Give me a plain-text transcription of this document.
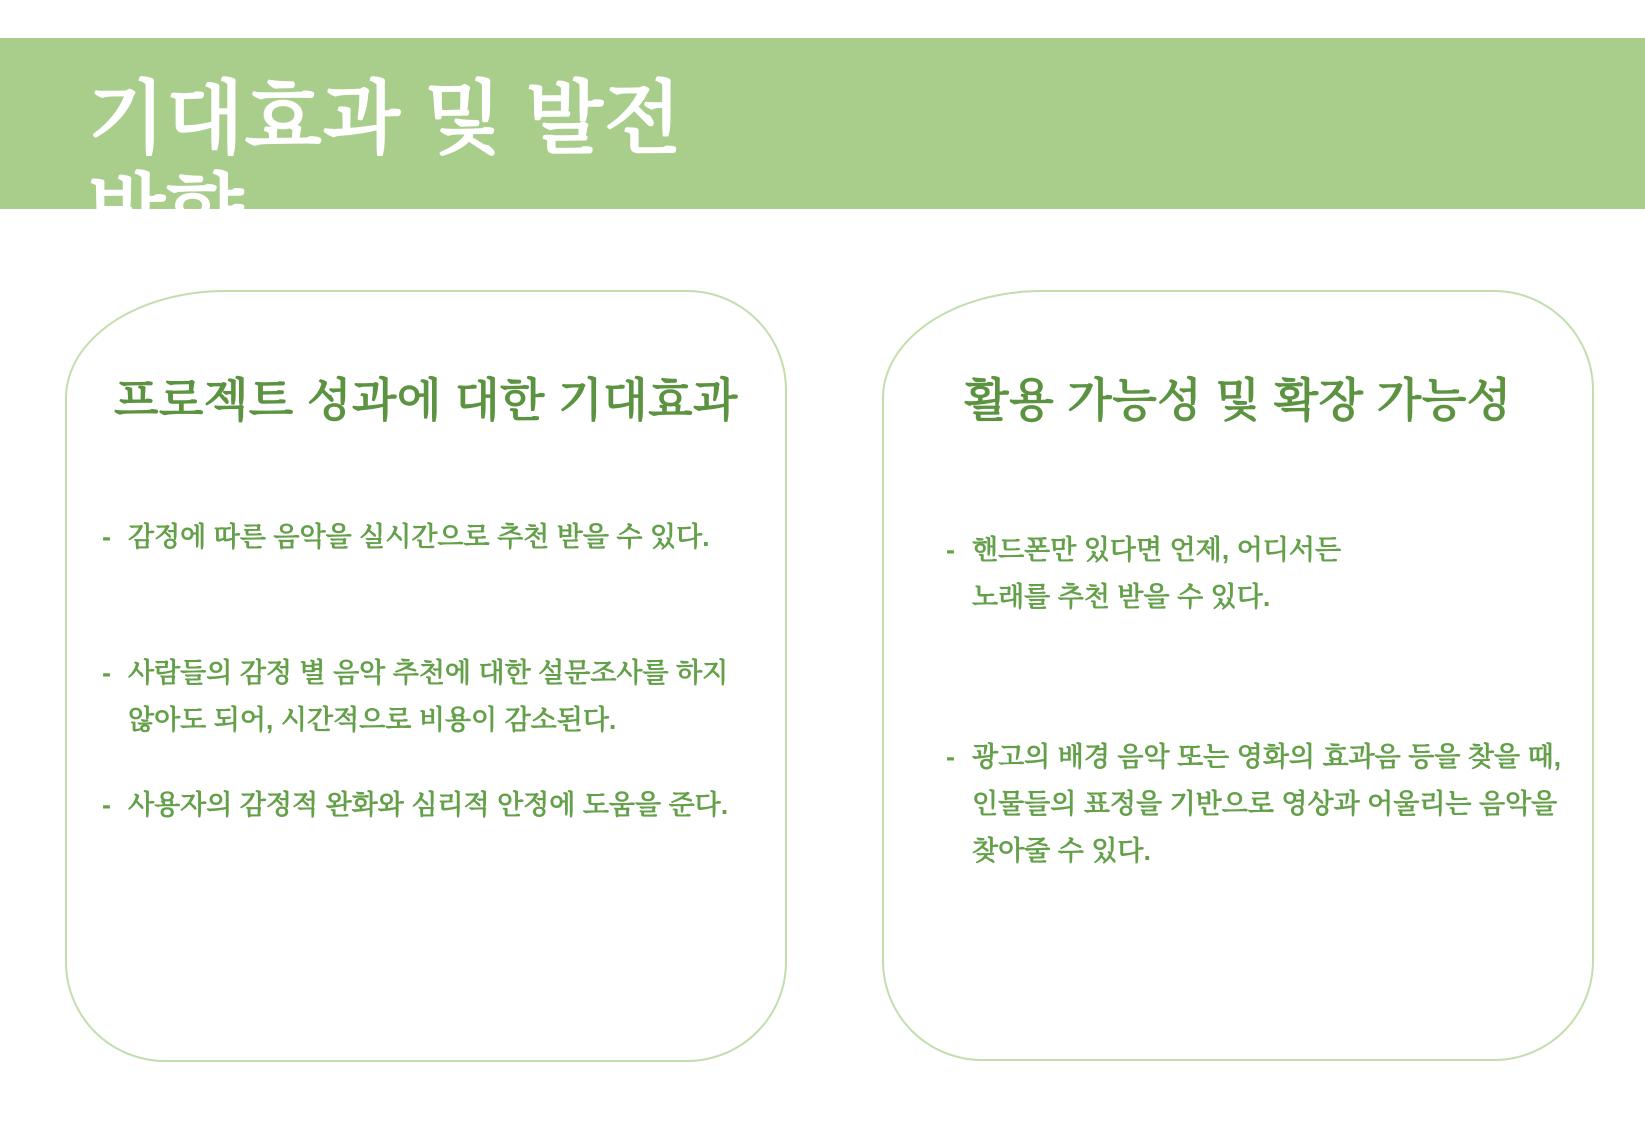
기대효과 및 발전
방향
프로젝트 성과에 대한 기대효과
- 감정에 따른 음악을 실시간으로 추천 받을 수 있다.
- 사람들의 감정 별 음악 추천에 대한 설문조사를 하지
않아도 되어, 시간적으로 비용이 감소된다.
- 사용자의 감정적 완화와 심리적 안정에 도움을 준다.
활용 가능성 및 확장 가능성
- 핸드폰만 있다면 언제, 어디서든
노래를 추천 받을 수 있다.
- 광고의 배경 음악 또는 영화의 효과음 등을 찾을 때,
인물들의 표정을 기반으로 영상과 어울리는 음악을
찾아줄 수 있다.
